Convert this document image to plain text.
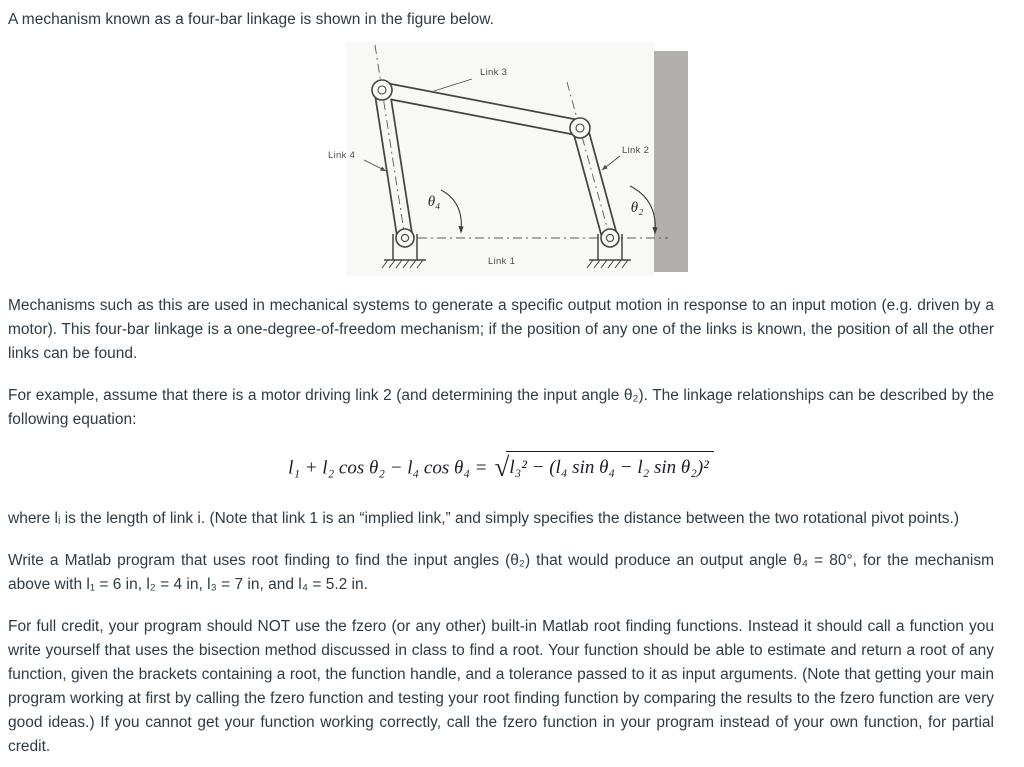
A mechanism known as a four-bar linkage is shown in the figure below.

Link 3
Link 2
Link 4
Link 1
θ₄	θ₂

Mechanisms such as this are used in mechanical systems to generate a specific output motion in response to an input motion (e.g. driven by a motor). This four-bar linkage is a one-degree-of-freedom mechanism; if the position of any one of the links is known, the position of all the other links can be found.

For example, assume that there is a motor driving link 2 (and determining the input angle θ₂). The linkage relationships can be described by the following equation:

l₁ + l₂ cos θ₂ − l₄ cos θ₄ = √ l₃² − (l₄ sin θ₄ − l₂ sin θ₂)²

where lᵢ is the length of link i. (Note that link 1 is an “implied link,” and simply specifies the distance between the two rotational pivot points.)

Write a Matlab program that uses root finding to find the input angles (θ₂) that would produce an output angle θ₄ = 80°, for the mechanism above with l₁ = 6 in, l₂ = 4 in, l₃ = 7 in, and l₄ = 5.2 in.

For full credit, your program should NOT use the fzero (or any other) built-in Matlab root finding functions. Instead it should call a function you write yourself that uses the bisection method discussed in class to find a root. Your function should be able to estimate and return a root of any function, given the brackets containing a root, the function handle, and a tolerance passed to it as input arguments. (Note that getting your main program working at first by calling the fzero function and testing your root finding function by comparing the results to the fzero function are very good ideas.) If you cannot get your function working correctly, call the fzero function in your program instead of your own function, for partial credit.
